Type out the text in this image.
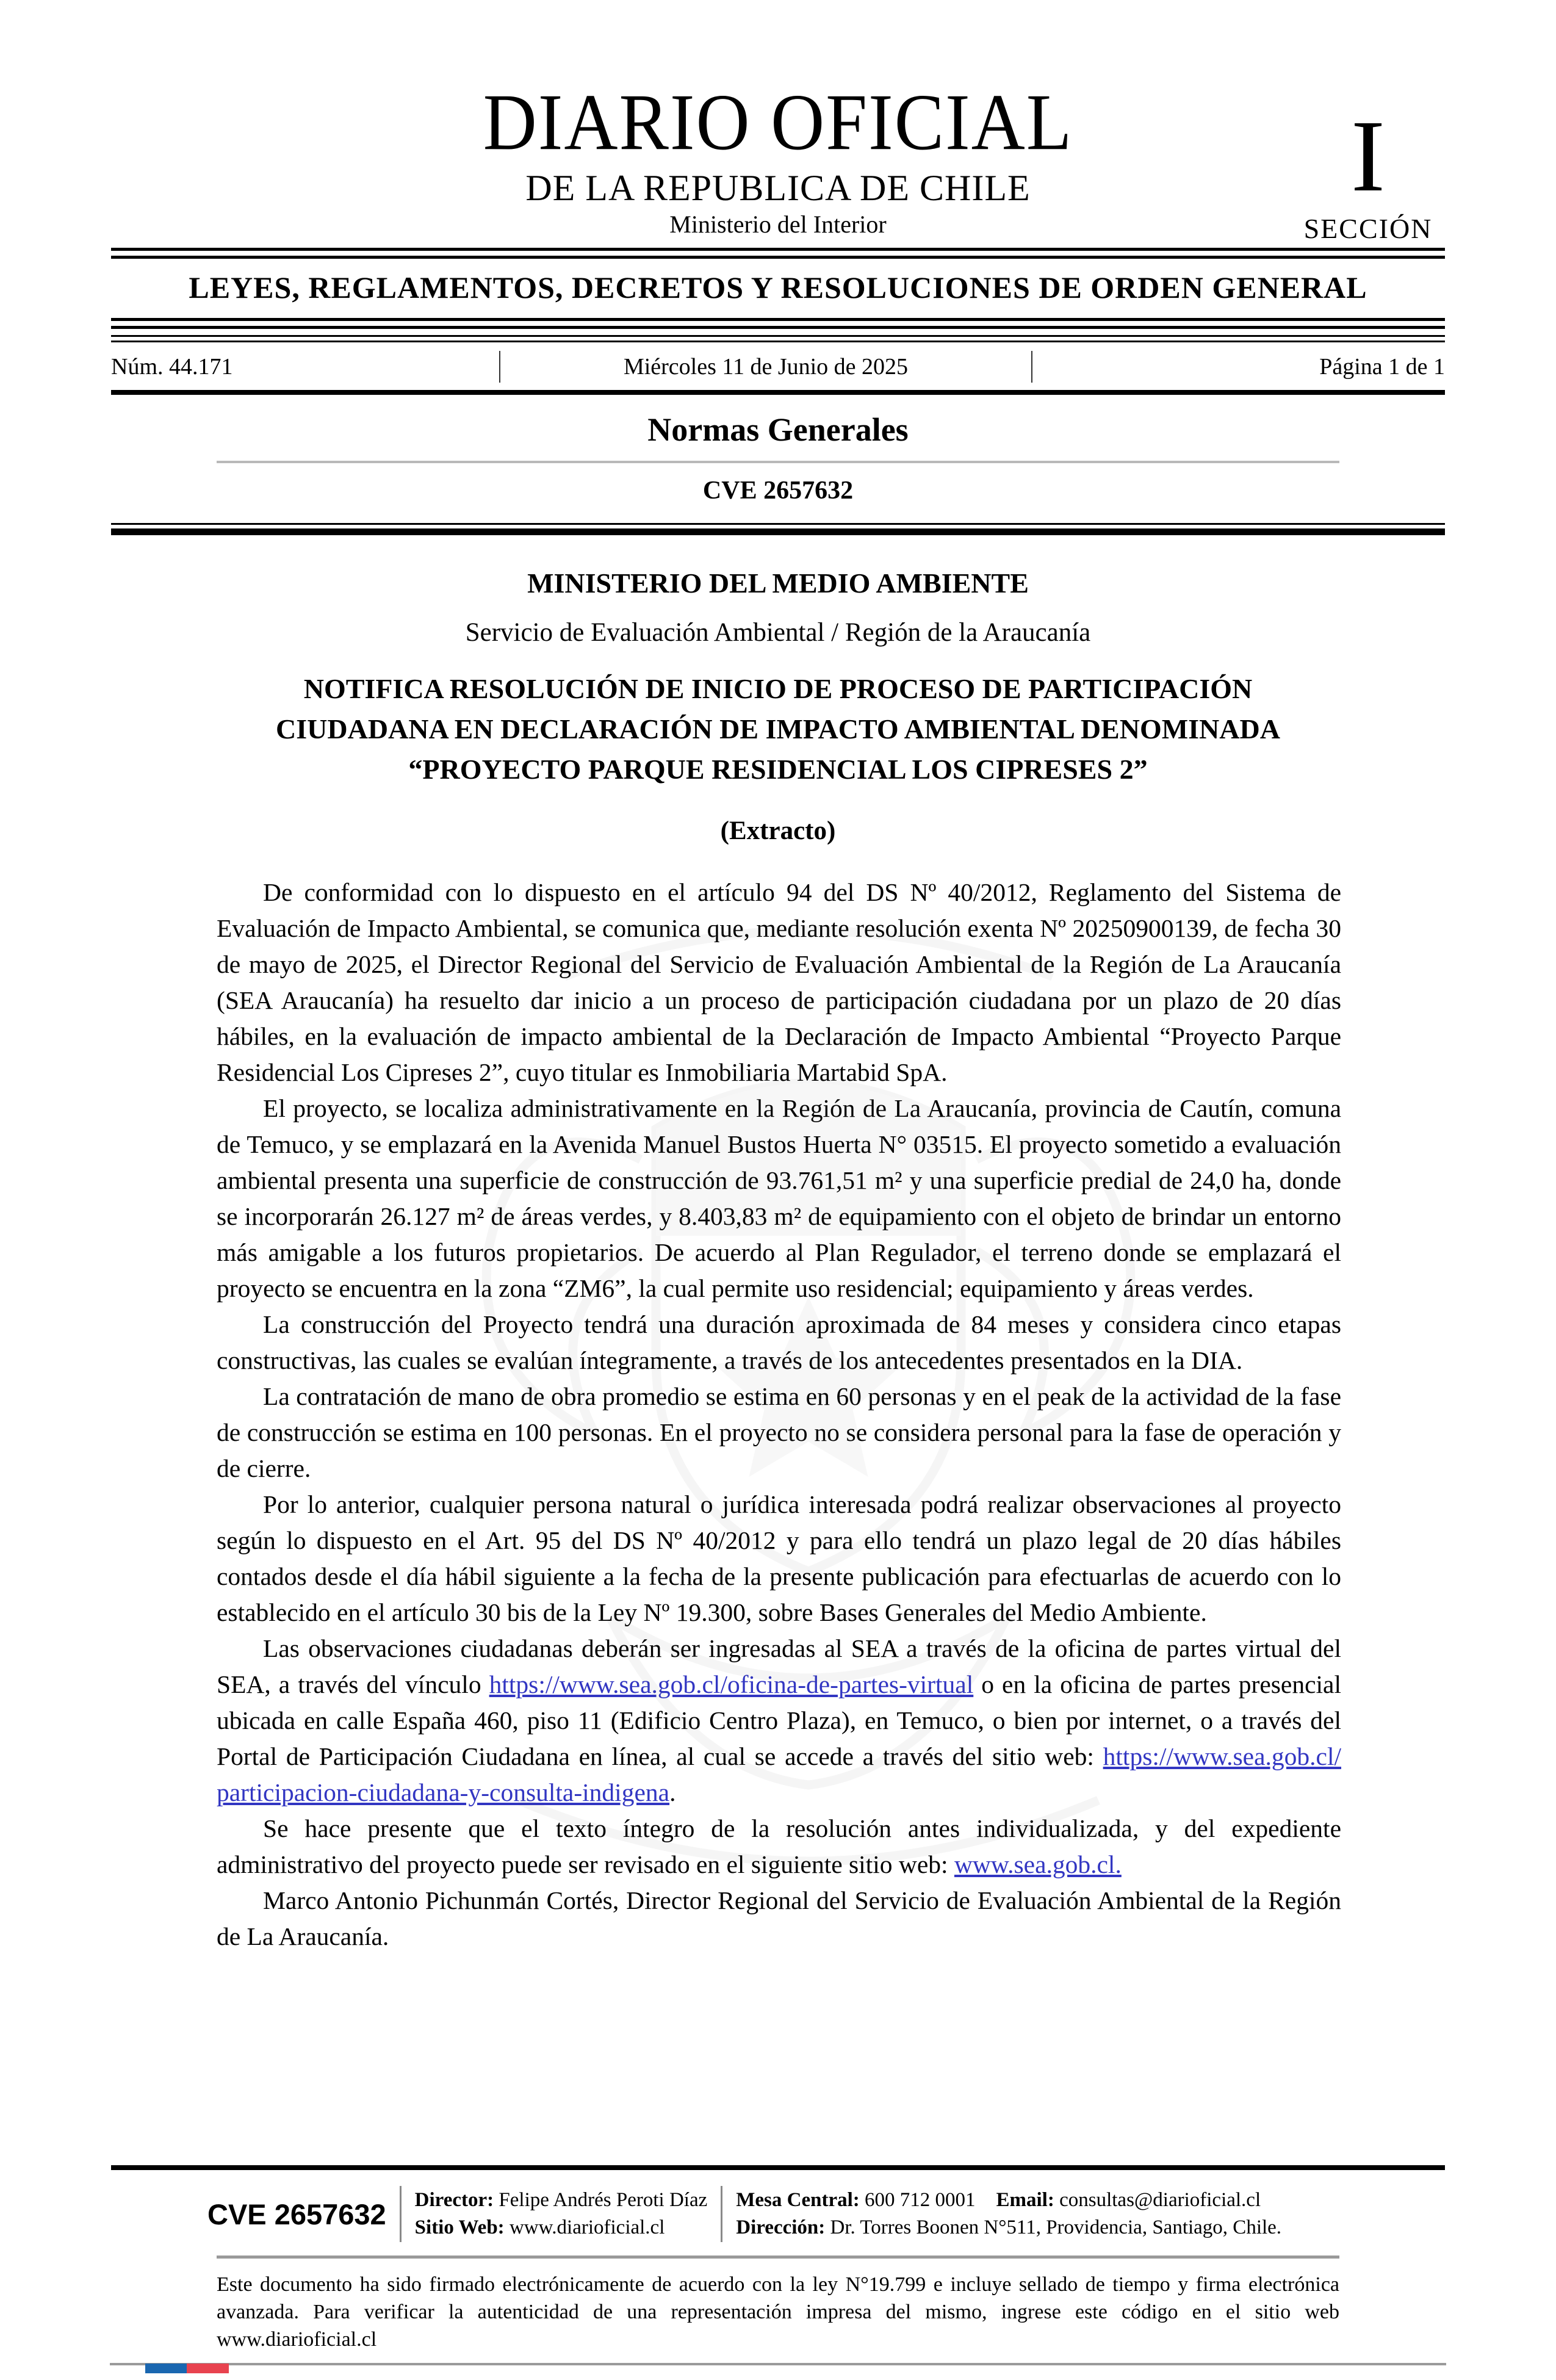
DIARIO OFICIAL
DE LA REPUBLICA DE CHILE
Ministerio del Interior
I
SECCIÓN
LEYES, REGLAMENTOS, DECRETOS Y RESOLUCIONES DE ORDEN GENERAL
Núm. 44.171	Miércoles 11 de Junio de 2025	Página 1 de 1
Normas Generales
CVE 2657632
MINISTERIO DEL MEDIO AMBIENTE
Servicio de Evaluación Ambiental / Región de la Araucanía
NOTIFICA RESOLUCIÓN DE INICIO DE PROCESO DE PARTICIPACIÓN
CIUDADANA EN DECLARACIÓN DE IMPACTO AMBIENTAL DENOMINADA
“PROYECTO PARQUE RESIDENCIAL LOS CIPRESES 2”
(Extracto)

De conformidad con lo dispuesto en el artículo 94 del DS Nº 40/2012, Reglamento del Sistema de Evaluación de Impacto Ambiental, se comunica que, mediante resolución exenta Nº 20250900139, de fecha 30 de mayo de 2025, el Director Regional del Servicio de Evaluación Ambiental de la Región de La Araucanía (SEA Araucanía) ha resuelto dar inicio a un proceso de participación ciudadana por un plazo de 20 días hábiles, en la evaluación de impacto ambiental de la Declaración de Impacto Ambiental “Proyecto Parque Residencial Los Cipreses 2”, cuyo titular es Inmobiliaria Martabid SpA.

El proyecto, se localiza administrativamente en la Región de La Araucanía, provincia de Cautín, comuna de Temuco, y se emplazará en la Avenida Manuel Bustos Huerta N° 03515. El proyecto sometido a evaluación ambiental presenta una superficie de construcción de 93.761,51 m² y una superficie predial de 24,0 ha, donde se incorporarán 26.127 m² de áreas verdes, y 8.403,83 m² de equipamiento con el objeto de brindar un entorno más amigable a los futuros propietarios. De acuerdo al Plan Regulador, el terreno donde se emplazará el proyecto se encuentra en la zona “ZM6”, la cual permite uso residencial; equipamiento y áreas verdes.

La construcción del Proyecto tendrá una duración aproximada de 84 meses y considera cinco etapas constructivas, las cuales se evalúan íntegramente, a través de los antecedentes presentados en la DIA.

La contratación de mano de obra promedio se estima en 60 personas y en el peak de la actividad de la fase de construcción se estima en 100 personas. En el proyecto no se considera personal para la fase de operación y de cierre.

Por lo anterior, cualquier persona natural o jurídica interesada podrá realizar observaciones al proyecto según lo dispuesto en el Art. 95 del DS Nº 40/2012 y para ello tendrá un plazo legal de 20 días hábiles contados desde el día hábil siguiente a la fecha de la presente publicación para efectuarlas de acuerdo con lo establecido en el artículo 30 bis de la Ley Nº 19.300, sobre Bases Generales del Medio Ambiente.

Las observaciones ciudadanas deberán ser ingresadas al SEA a través de la oficina de partes virtual del SEA, a través del vínculo https://www.sea.gob.cl/oficina-de-partes-virtual o en la oficina de partes presencial ubicada en calle España 460, piso 11 (Edificio Centro Plaza), en Temuco, o bien por internet, o a través del Portal de Participación Ciudadana en línea, al cual se accede a través del sitio web: https://www.sea.gob.cl/ participacion-ciudadana-y-consulta-indigena.

Se hace presente que el texto íntegro de la resolución antes individualizada, y del expediente administrativo del proyecto puede ser revisado en el siguiente sitio web: www.sea.gob.cl.

Marco Antonio Pichunmán Cortés, Director Regional del Servicio de Evaluación Ambiental de la Región de La Araucanía.

CVE 2657632 Director: Felipe Andrés Peroti Díaz
Sitio Web: www.diarioficial.cl
Mesa Central: 600 712 0001 Email: consultas@diarioficial.cl
Dirección: Dr. Torres Boonen N°511, Providencia, Santiago, Chile.
Este documento ha sido firmado electrónicamente de acuerdo con la ley N°19.799 e incluye sellado de tiempo y firma electrónica avanzada. Para verificar la autenticidad de una representación impresa del mismo, ingrese este código en el sitio web www.diarioficial.cl
